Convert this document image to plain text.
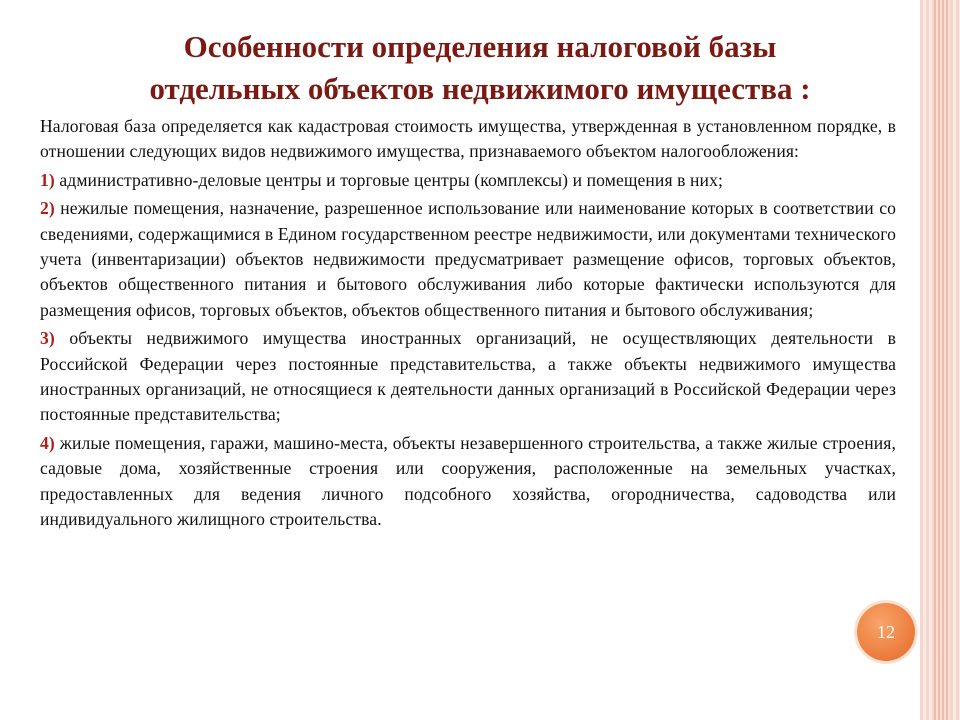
Особенности определения налоговой базы
отдельных объектов недвижимого имущества :

Налоговая база определяется как кадастровая стоимость имущества, утвержденная в установленном порядке, в отношении следующих видов недвижимого имущества, признаваемого объектом налогообложения:

1) административно-деловые центры и торговые центры (комплексы) и помещения в них;

2) нежилые помещения, назначение, разрешенное использование или наименование которых в соответствии со сведениями, содержащимися в Едином государственном реестре недвижимости, или документами технического учета (инвентаризации) объектов недвижимости предусматривает размещение офисов, торговых объектов, объектов общественного питания и бытового обслуживания либо которые фактически используются для размещения офисов, торговых объектов, объектов общественного питания и бытового обслуживания;

3) объекты недвижимого имущества иностранных организаций, не осуществляющих деятельности в Российской Федерации через постоянные представительства, а также объекты недвижимого имущества иностранных организаций, не относящиеся к деятельности данных организаций в Российской Федерации через постоянные представительства;

4) жилые помещения, гаражи, машино-места, объекты незавершенного строительства, а также жилые строения, садовые дома, хозяйственные строения или сооружения, расположенные на земельных участках, предоставленных для ведения личного подсобного хозяйства, огородничества, садоводства или индивидуального жилищного строительства.

12
